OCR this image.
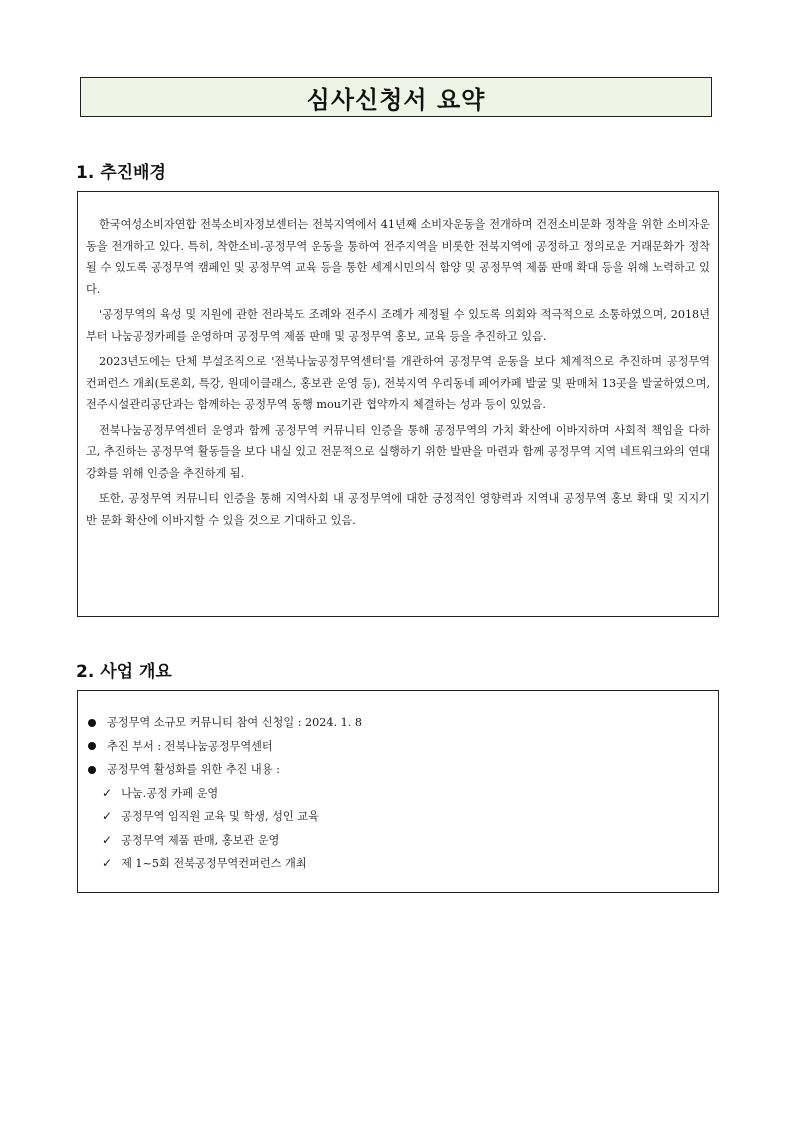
심사신청서 요약
1. 추진배경

한국여성소비자연합 전북소비자정보센터는 전북지역에서 41년째 소비자운동을 전개하며 건전소비문화 정착을 위한 소비자운동을 전개하고 있다. 특히, 착한소비-공정무역 운동을 통하여 전주지역을 비롯한 전북지역에 공정하고 정의로운 거래문화가 정착될 수 있도록 공정무역 캠페인 및 공정무역 교육 등을 통한 세계시민의식 함양 및 공정무역 제품 판매 확대 등을 위해 노력하고 있다.

'공정무역의 육성 및 지원에 관한 전라북도 조례와 전주시 조례가 제정될 수 있도록 의회와 적극적으로 소통하였으며, 2018년부터 나눔공정카페를 운영하며 공정무역 제품 판매 및 공정무역 홍보, 교육 등을 추진하고 있음.

2023년도에는 단체 부설조직으로 '전북나눔공정무역센터'를 개관하여 공정무역 운동을 보다 체계적으로 추진하며 공정무역 컨퍼런스 개최(토론회, 특강, 원데이클래스, 홍보관 운영 등), 전북지역 우리동네 페어카페 발굴 및 판매처 13곳을 발굴하였으며, 전주시설관리공단과는 함께하는 공정무역 동행 mou기관 협약까지 체결하는 성과 등이 있었음.

전북나눔공정무역센터 운영과 함께 공정무역 커뮤니티 인증을 통해 공정무역의 가치 확산에 이바지하며 사회적 책임을 다하고, 추진하는 공정무역 활동들을 보다 내실 있고 전문적으로 실행하기 위한 발판을 마련과 함께 공정무역 지역 네트워크와의 연대강화를 위해 인증을 추진하게 됨.

또한, 공정무역 커뮤니티 인증을 통해 지역사회 내 공정무역에 대한 긍정적인 영향력과 지역내 공정무역 홍보 확대 및 지지기반 문화 확산에 이바지할 수 있을 것으로 기대하고 있음.

2. 사업 개요
공정무역 소규모 커뮤니티 참여 신청일 : 2024. 1. 8
추진 부서 : 전북나눔공정무역센터
공정무역 활성화를 위한 추진 내용 :
✓ 나눔.공정 카페 운영
✓ 공정무역 임직원 교육 및 학생, 성인 교육
✓ 공정무역 제품 판매, 홍보관 운영
✓ 제 1~5회 전북공정무역컨퍼런스 개최
